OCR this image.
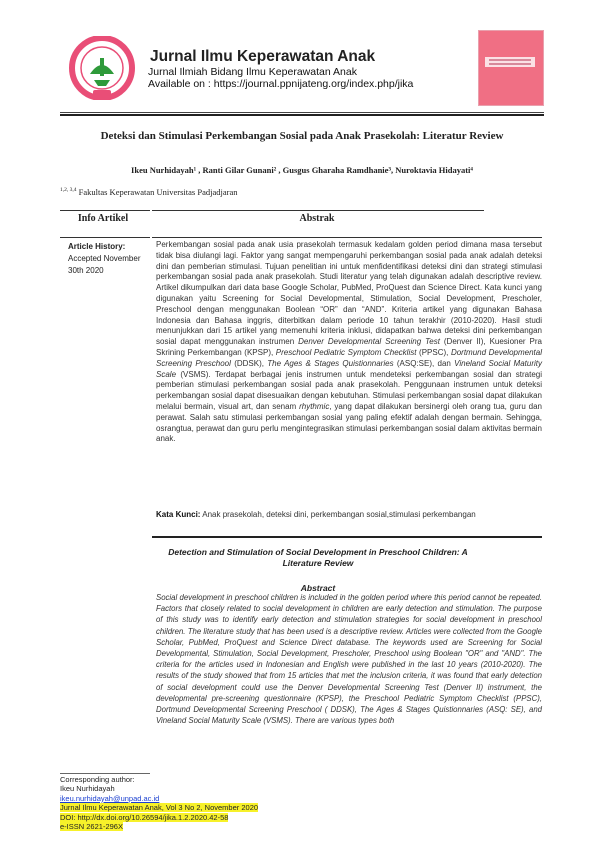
Jurnal Ilmu Keperawatan Anak
Jurnal Ilmiah Bidang Ilmu Keperawatan Anak
Available on : https://journal.ppnijateng.org/index.php/jika
Deteksi dan Stimulasi Perkembangan Sosial pada Anak Prasekolah: Literatur Review
Ikeu Nurhidayah¹ , Ranti Gilar Gunani² , Gusgus Gharaha Ramdhanie³, Nuroktavia Hidayati⁴
$^{1,2, 3,4}$ Fakultas Keperawatan Universitas Padjadjaran
Info Artikel	Abstrak
Article History:
Accepted November 30th 2020
Perkembangan sosial pada anak usia prasekolah termasuk kedalam golden period dimana masa tersebut tidak bisa diulangi lagi. Faktor yang sangat mempengaruhi perkembangan sosial pada anak adalah deteksi dini dan pemberian stimulasi. Tujuan penelitian ini untuk menfidentifikasi deteksi dini dan strategi stimulasi perkembangan sosial pada anak prasekolah. Studi literatur yang telah digunakan adalah descriptive review. Artikel dikumpulkan dari data base Google Scholar, PubMed, ProQuest dan Science Direct. Kata kunci yang digunakan yaitu Screening for Social Developmental, Stimulation, Social Development, Prescholer, Preschool dengan menggunakan Boolean “OR” dan “AND”. Kriteria artikel yang digunakan Bahasa Indonesia dan Bahasa inggris, diterbitkan dalam periode 10 tahun terakhir (2010-2020). Hasil studi menunjukkan dari 15 artikel yang memenuhi kriteria inklusi, didapatkan bahwa deteksi dini perkembangan sosial dapat menggunakan instrumen Denver Developmental Screening Test (Denver II), Kuesioner Pra Skrining Perkembangan (KPSP), Preschool Pediatric Symptom Checklist (PPSC), Dortmund Developmental Screening Preschool (DDSK), The Ages & Stages Quistionnaries (ASQ:SE), dan Vineland Social Maturity Scale (VSMS). Terdapat berbagai jenis instrumen untuk mendeteksi perkembangan sosial dan strategi pemberian stimulasi perkembangan sosial pada anak prasekolah. Penggunaan instrumen untuk deteksi perkembangan sosial dapat disesuaikan dengan kebutuhan. Stimulasi perkembangan sosial dapat dilakukan melalui bermain, visual art, dan senam rhythmic, yang dapat dilakukan bersinergi oleh orang tua, guru dan perawat. Salah satu stimulasi perkembangan sosial yang paling efektif adalah dengan bermain. Sehingga, osrangtua, perawat dan guru perlu mengintegrasikan stimulasi perkembangan sosial dalam aktivitas bermain anak.
Kata Kunci: Anak prasekolah, deteksi dini, perkembangan sosial,stimulasi perkembangan
Detection and Stimulation of Social Development in Preschool Children: A Literature Review
Abstract
Social development in preschool children is included in the golden period where this period cannot be repeated. Factors that closely related to social development in children are early detection and stimulation. The purpose of this study was to identify early detection and stimulation strategies for social development in preschool children. The literature study that has been used is a descriptive review. Articles were collected from the Google Scholar, PubMed, ProQuest and Science Direct database. The keywords used are Screening for Social Developmental, Stimulation, Social Development, Prescholer, Preschool using Boolean "OR" and "AND". The criteria for the articles used in Indonesian and English were published in the last 10 years (2010-2020). The results of the study showed that from 15 articles that met the inclusion criteria, it was found that early detection of social development could use the Denver Developmental Screening Test (Denver II) instrument, the developmental pre-screening questionnaire (KPSP), the Preschool Pediatric Symptom Checklist (PPSC), Dortmund Developmental Screening Preschool ( DDSK), The Ages & Stages Quistionnaries (ASQ: SE), and Vineland Social Maturity Scale (VSMS). There are various types both
Corresponding author:
Ikeu Nurhidayah
ikeu.nurhidayah@unpad.ac.id
Jurnal Ilmu Keperawatan Anak, Vol 3 No 2, November 2020
DOI: http://dx.doi.org/10.26594/jika.1.2.2020.42-58
e-ISSN 2621-296X
